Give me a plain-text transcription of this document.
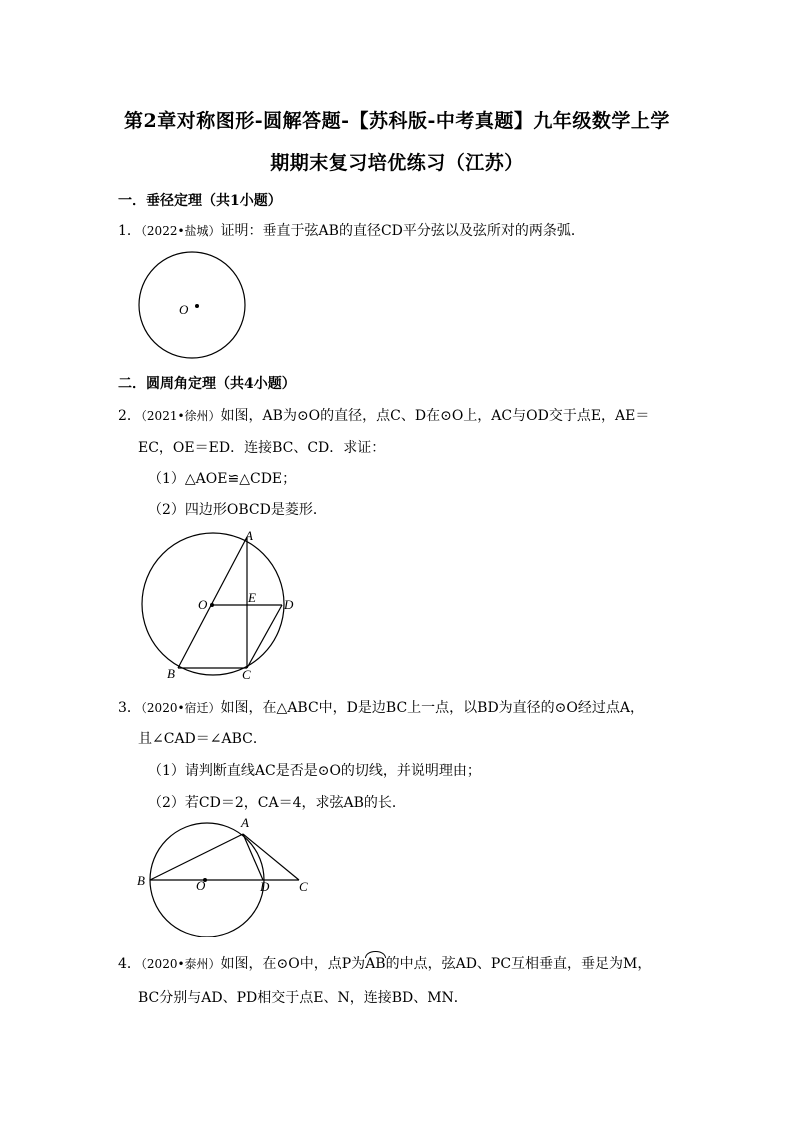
第2章对称图形-圆解答题-【苏科版-中考真题】九年级数学上学
期期末复习培优练习（江苏）
一．垂径定理（共1小题）
1．（2022•盐城）证明：垂直于弦AB的直径CD平分弦以及弦所对的两条弧．
O
二．圆周角定理（共4小题）
2．（2021•徐州）如图，AB为⊙O的直径，点C、D在⊙O上，AC与OD交于点E，AE＝
EC，OE＝ED．连接BC、CD．求证：
（1）△AOE≌△CDE；
（2）四边形OBCD是菱形．
A
O	E D
B	C
3．（2020•宿迁）如图，在△ABC中，D是边BC上一点，以BD为直径的⊙O经过点A，
且∠CAD＝∠ABC．
（1）请判断直线AC是否是⊙O的切线，并说明理由；
（2）若CD＝2，CA＝4，求弦AB的长．
A
B	O	D C
4．（2020•泰州）如图，在⊙O中，点P为AB的中点，弦AD、PC互相垂直，垂足为M，
BC分别与AD、PD相交于点E、N，连接BD、MN．
